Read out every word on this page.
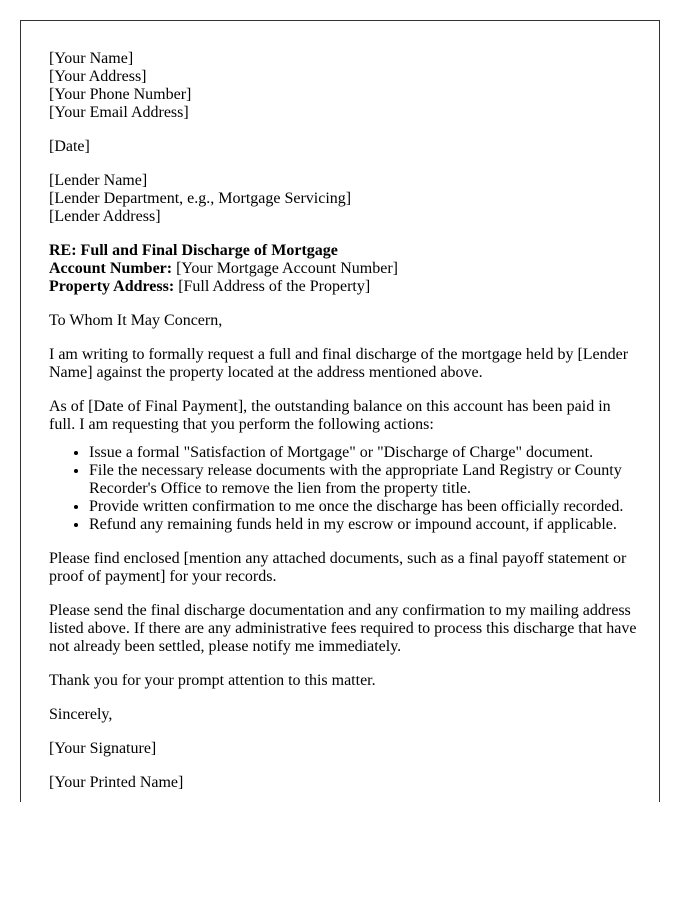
[Your Name]
[Your Address]
[Your Phone Number]
[Your Email Address]

[Date]

[Lender Name]
[Lender Department, e.g., Mortgage Servicing]
[Lender Address]
RE: Full and Final Discharge of Mortgage
Account Number: [Your Mortgage Account Number]
Property Address: [Full Address of the Property]

To Whom It May Concern,

I am writing to formally request a full and final discharge of the mortgage held by [Lender Name] against the property located at the address mentioned above.

As of [Date of Final Payment], the outstanding balance on this account has been paid in full. I am requesting that you perform the following actions:

• Issue a formal "Satisfaction of Mortgage" or "Discharge of Charge" document.
• File the necessary release documents with the appropriate Land Registry or County Recorder's Office to remove the lien from the property title.
• Provide written confirmation to me once the discharge has been officially recorded.
• Refund any remaining funds held in my escrow or impound account, if applicable.

Please find enclosed [mention any attached documents, such as a final payoff statement or proof of payment] for your records.

Please send the final discharge documentation and any confirmation to my mailing address listed above. If there are any administrative fees required to process this discharge that have not already been settled, please notify me immediately.

Thank you for your prompt attention to this matter.

Sincerely,

[Your Signature]

[Your Printed Name]
